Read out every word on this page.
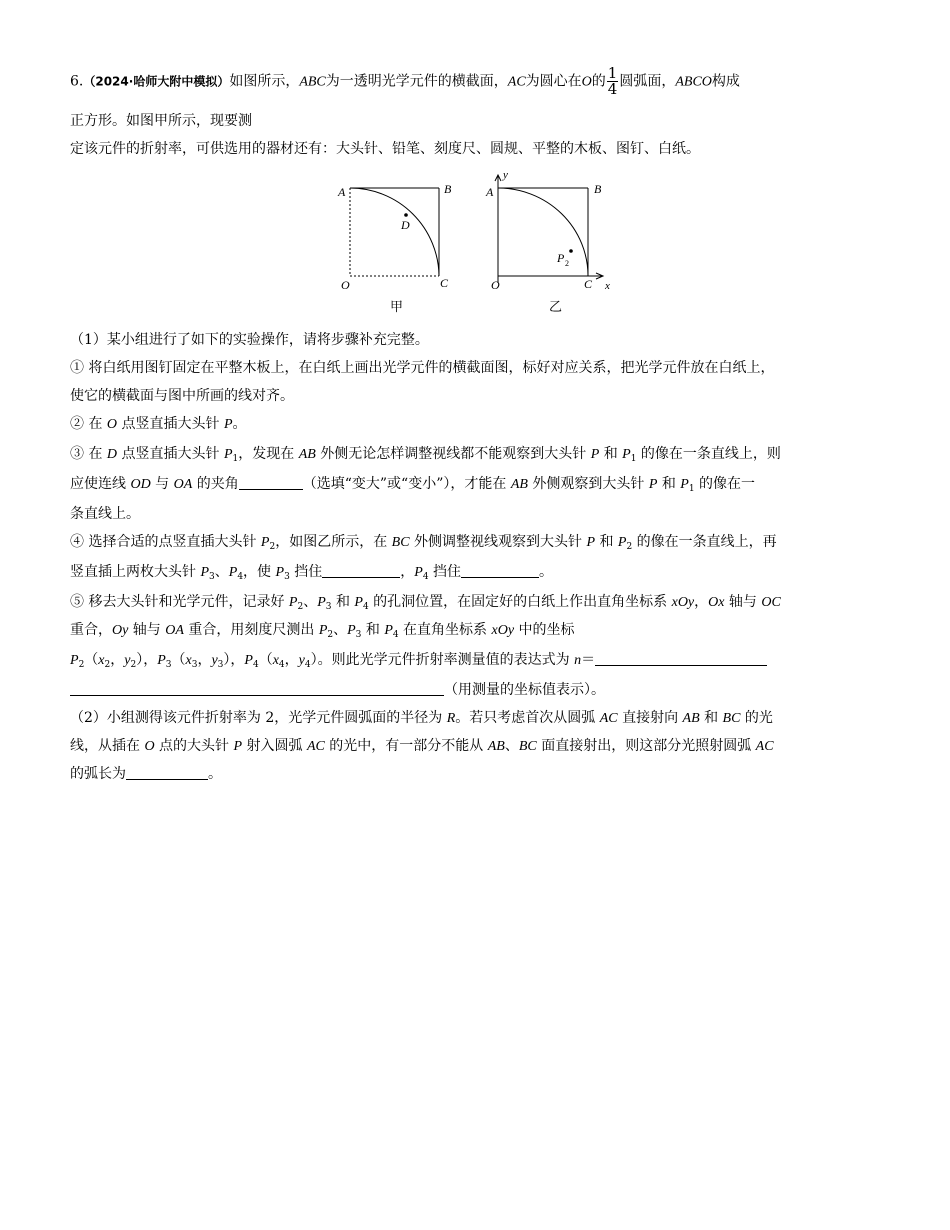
6.（2024·哈师大附中模拟）如图所示，ABC为一透明光学元件的横截面，AC为圆心在O的 $\frac{1}{4}$ 圆弧面，ABCO构成
正方形。如图甲所示，现要测
定该元件的折射率，可供选用的器材还有：大头针、铅笔、刻度尺、圆规、平整的木板、图钉、白纸。
（1）某小组进行了如下的实验操作，请将步骤补充完整。
① 将白纸用图钉固定在平整木板上，在白纸上画出光学元件的横截面图，标好对应关系，把光学元件放在白纸上，
使它的横截面与图中所画的线对齐。
② 在 O 点竖直插大头针 P。
③ 在 D 点竖直插大头针 $P_1$，发现在 AB 外侧无论怎样调整视线都不能观察到大头针 P 和 $P_1$ 的像在一条直线上，则
应使连线 OD 与 OA 的夹角	（选填“变大”或“变小”），才能在 AB 外侧观察到大头针 P 和 $P_1$ 的像在一
条直线上。
④ 选择合适的点竖直插大头针 $P_2$，如图乙所示，在 BC 外侧调整视线观察到大头针 P 和 $P_2$ 的像在一条直线上，再
竖直插上两枚大头针 $P_3$、$P_4$，使 $P_3$ 挡住	，$P_4$ 挡住	。
⑤ 移去大头针和光学元件，记录好 $P_2$、$P_3$ 和 $P_4$ 的孔洞位置，在固定好的白纸上作出直角坐标系 xOy，Ox 轴与 OC
重合，Oy 轴与 OA 重合，用刻度尺测出 $P_2$、$P_3$ 和 $P_4$ 在直角坐标系 xOy 中的坐标
$P_2(x_2$，$y_2$），$P_3(x_3$，$y_3$），$P_4(x_4$，$y_4$）。则此光学元件折射率测量值的表达式为 n＝
（用测量的坐标值表示）。
（2）小组测得该元件折射率为 2，光学元件圆弧面的半径为 R。若只考虑首次从圆弧 AC 直接射向 AB 和 BC 的光
线，从插在 O 点的大头针 P 射入圆弧 AC 的光中，有一部分不能从 AB、BC 面直接射出，则这部分光照射圆弧 AC
的弧长为	。
A	B
C
O
D
甲
A	B
C
O	x
y
P 2
乙
